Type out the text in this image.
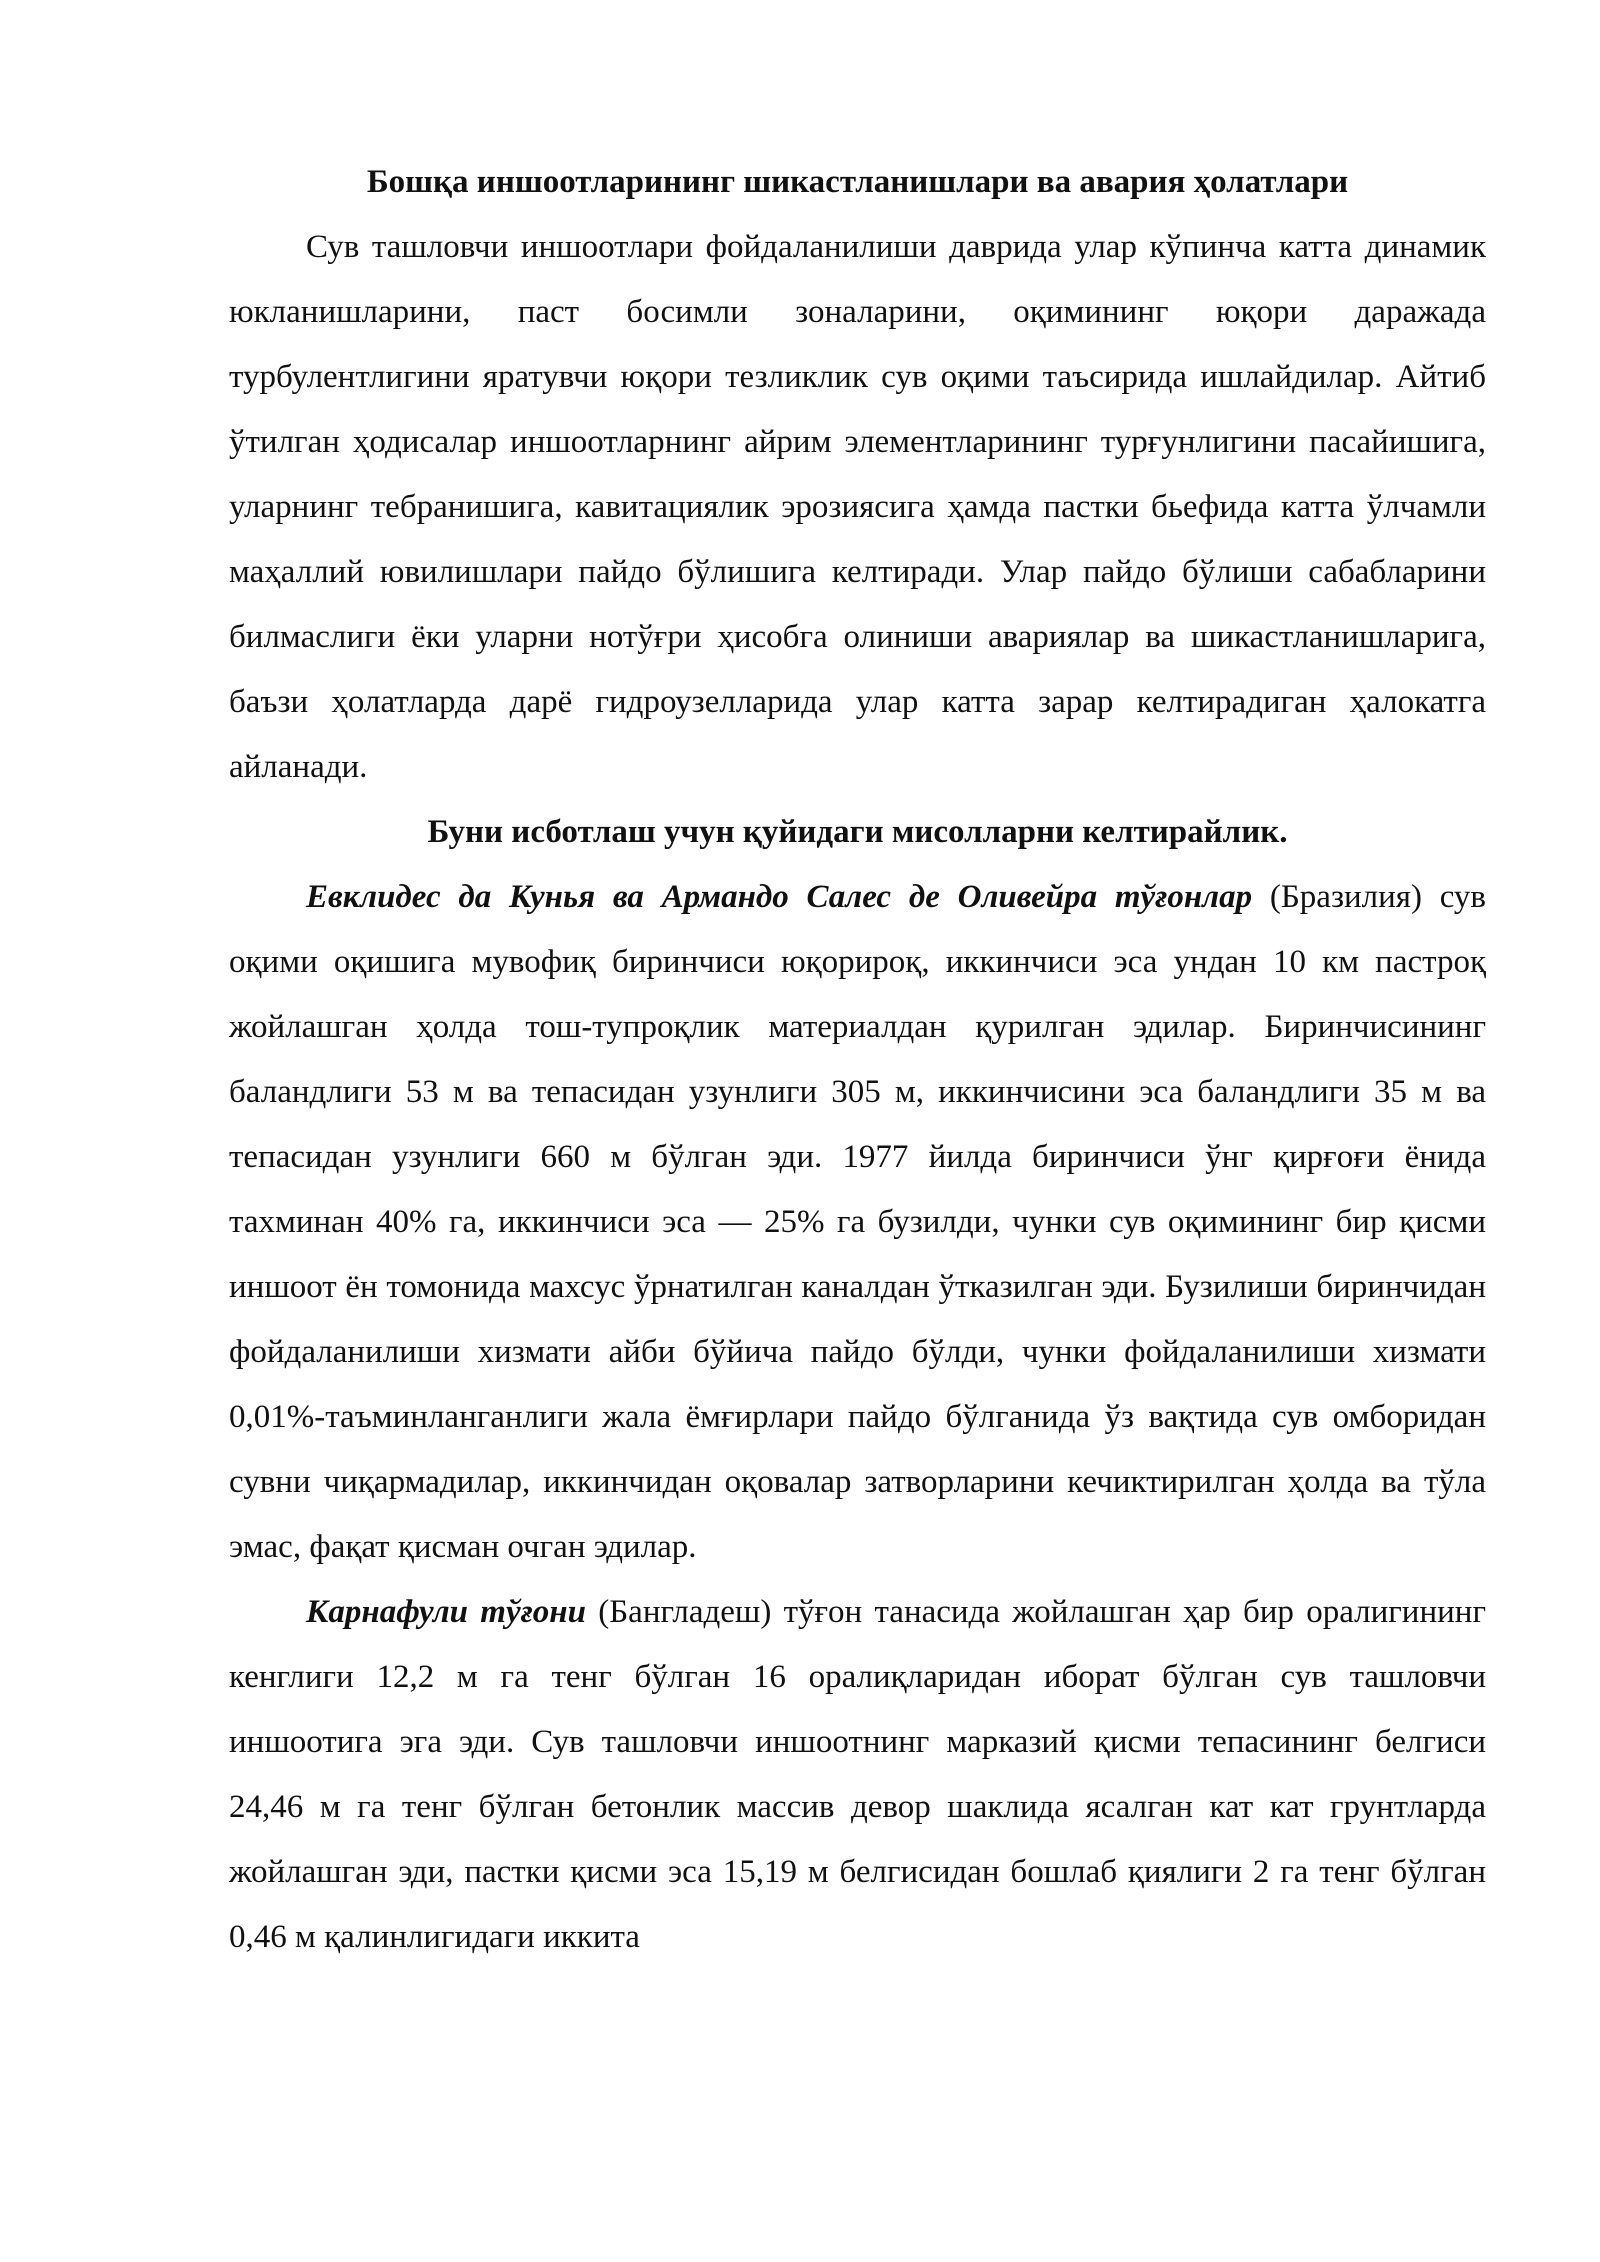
Бошқа иншоотларининг шикастланишлари ва авария ҳолатлари

Сув ташловчи иншоотлари фойдаланилиши даврида улар кўпинча катта динамик юкланишларини, паст босимли зоналарини, оқимининг юқори даражада турбулентлигини яратувчи юқори тезликлик сув оқими таъсирида ишлайдилар. Айтиб ўтилган ҳодисалар иншоотларнинг айрим элементларининг турғунлигини пасайишига, уларнинг тебранишига, кавитациялик эрозиясига ҳамда пастки бьефида катта ўлчамли маҳаллий ювилишлари пайдо бўлишига келтиради. Улар пайдо бўлиши сабабларини билмаслиги ёки уларни нотўғри ҳисобга олиниши авариялар ва шикастланишларига, баъзи ҳолатларда дарё гидроузелларида улар катта зарар келтирадиган ҳалокатга айланади.

Буни исботлаш учун қуйидаги мисолларни келтирайлик.

Евклидес да Кунья ва Армандо Салес де Оливейра тўғонлар (Бразилия) сув оқими оқишига мувофиқ биринчиси юқорироқ, иккинчиси эса ундан 10 км пастроқ жойлашган ҳолда тош-тупроқлик материалдан қурилган эдилар. Биринчисининг баландлиги 53 м ва тепасидан узунлиги 305 м, иккинчисини эса баландлиги 35 м ва тепасидан узунлиги 660 м бўлган эди. 1977 йилда биринчиси ўнг қирғоғи ёнида тахминан 40% га, иккинчиси эса — 25% га бузилди, чунки сув оқимининг бир қисми иншоот ён томонида махсус ўрнатилган каналдан ўтказилган эди. Бузилиши биринчидан фойдаланилиши хизмати айби бўйича пайдо бўлди, чунки фойдаланилиши хизмати 0,01%-таъминланганлиги жала ёмғирлари пайдо бўлганида ўз вақтида сув омборидан сувни чиқармадилар, иккинчидан оқовалар затворларини кечиктирилган ҳолда ва тўла эмас, фақат қисман очган эдилар.

Карнафули тўғони (Бангладеш) тўғон танасида жойлашган ҳар бир оралигининг кенглиги 12,2 м га тенг бўлган 16 оралиқларидан иборат бўлган сув ташловчи иншоотига эга эди. Сув ташловчи иншоотнинг марказий қисми тепасининг белгиси 24,46 м га тенг бўлган бетонлик массив девор шаклида ясалган кат кат грунтларда жойлашган эди, пастки қисми эса 15,19 м белгисидан бошлаб қиялиги 2 га тенг бўлган 0,46 м қалинлигидаги иккита
